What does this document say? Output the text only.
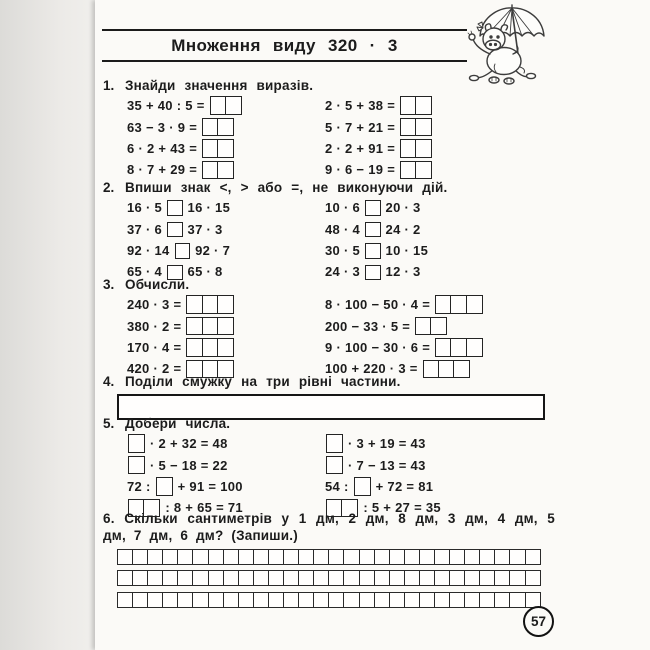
Множення виду 320 · 3
1. Знайди значення виразів.
35 + 40 : 5 =
63 − 3 · 9 =
6 · 2 + 43 =
8 · 7 + 29 =
2 · 5 + 38 =
5 · 7 + 21 =
2 · 2 + 91 =
9 · 6 − 19 =
2. Впиши знак <, > або =, не виконуючи дій.
16 · 5 16 · 15
37 · 6 37 · 3
92 · 14 92 · 7
65 · 4 65 · 8
10 · 6 20 · 3
48 · 4 24 · 2
30 · 5 10 · 15
24 · 3 12 · 3
3. Обчисли.
240 · 3 =
380 · 2 =
170 · 4 =
420 · 2 =
8 · 100 − 50 · 4 =
200 − 33 · 5 =
9 · 100 − 30 · 6 =
100 + 220 · 3 =
4. Поділи смужку на три рівні частини.
5. Добери числа.
· 2 + 32 = 48
· 5 − 18 = 22
72 : + 91 = 100
: 8 + 65 = 71
· 3 + 19 = 43
· 7 − 13 = 43
54 : + 72 = 81
: 5 + 27 = 35
6. Скільки сантиметрів у 1 дм, 2 дм, 8 дм, 3 дм, 4 дм, 5 дм, 7 дм, 6 дм? (Запиши.)
57
